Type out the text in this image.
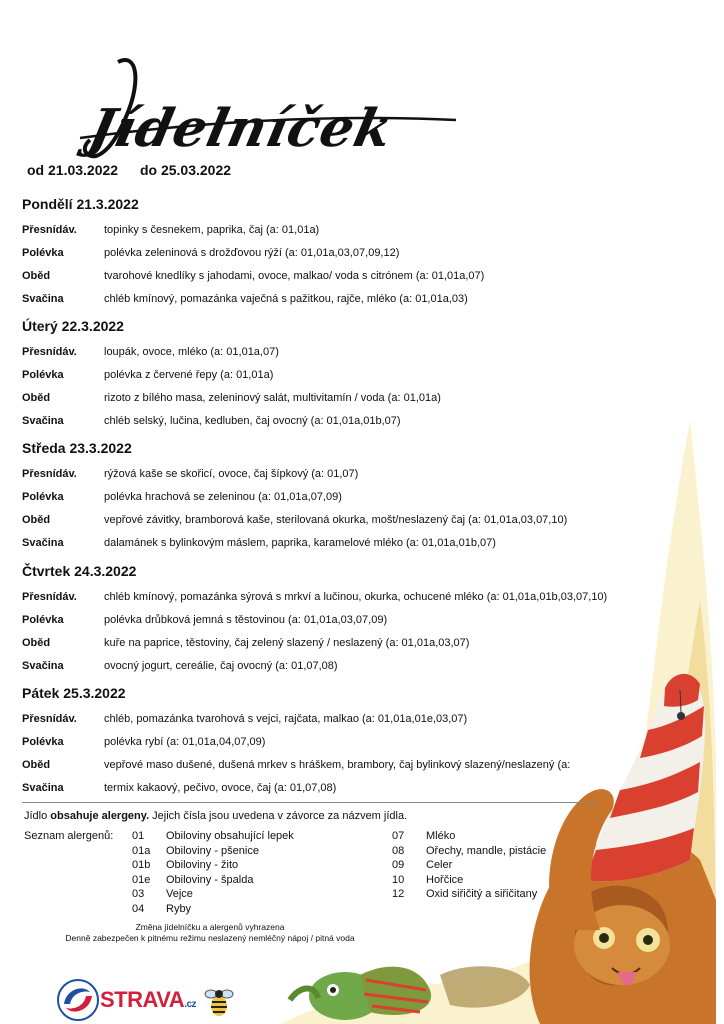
Jídelníček
od 21.03.2022 do 25.03.2022
Pondělí 21.3.2022
Přesnídáv.	topinky s česnekem, paprika, čaj (a: 01,01a)
Polévka	polévka zeleninová s drožďovou rýží (a: 01,01a,03,07,09,12)
Oběd	tvarohové knedlíky s jahodami, ovoce, malkao/ voda s citrónem (a: 01,01a,07)
Svačina	chléb kmínový, pomazánka vaječná s pažitkou, rajče, mléko (a: 01,01a,03)
Úterý 22.3.2022
Přesnídáv.	loupák, ovoce, mléko (a: 01,01a,07)
Polévka	polévka z červené řepy (a: 01,01a)
Oběd	rizoto z bílého masa, zeleninový salát, multivitamín / voda (a: 01,01a)
Svačina	chléb selský, lučina, kedluben, čaj ovocný (a: 01,01a,01b,07)
Středa 23.3.2022
Přesnídáv.	rýžová kaše se skořicí, ovoce, čaj šípkový (a: 01,07)
Polévka	polévka hrachová se zeleninou (a: 01,01a,07,09)
Oběd	vepřové závitky, bramborová kaše, sterilovaná okurka, mošt/neslazený čaj (a: 01,01a,03,07,10)
Svačina	dalamánek s bylinkovým máslem, paprika, karamelové mléko (a: 01,01a,01b,07)
Čtvrtek 24.3.2022
Přesnídáv.	chléb kmínový, pomazánka sýrová s mrkví a lučinou, okurka, ochucené mléko (a: 01,01a,01b,03,07,10)
Polévka	polévka drůbková jemná s těstovinou (a: 01,01a,03,07,09)
Oběd	kuře na paprice, těstoviny, čaj zelený slazený / neslazený (a: 01,01a,03,07)
Svačina	ovocný jogurt, cereálie, čaj ovocný (a: 01,07,08)
Pátek 25.3.2022
Přesnídáv.	chléb, pomazánka tvarohová s vejci, rajčata, malkao (a: 01,01a,01e,03,07)
Polévka	polévka rybí (a: 01,01a,04,07,09)
Oběd	vepřové maso dušené, dušená mrkev s hráškem, brambory, čaj bylinkový slazený/neslazený (a:
Svačina	termix kakaový, pečivo, ovoce, čaj (a: 01,07,08)
Jídlo obsahuje alergeny. Jejich čísla jsou uvedena v závorce za názvem jídla.
Seznam alergenů: 01	Obiloviny obsahující lepek
01a	Obiloviny - pšenice
01b	Obiloviny - žito
01e	Obiloviny - špalda
03	Vejce
04	Ryby
07	Mléko
08	Ořechy, mandle, pistácie
09	Celer
10	Hořčice
12	Oxid siřičitý a siřičitany
Změna jídelníčku a alergenů vyhrazena
Denně zabezpečen k pitnému režimu neslazený nemléčný nápoj / pitná voda
STRAVA.cz
